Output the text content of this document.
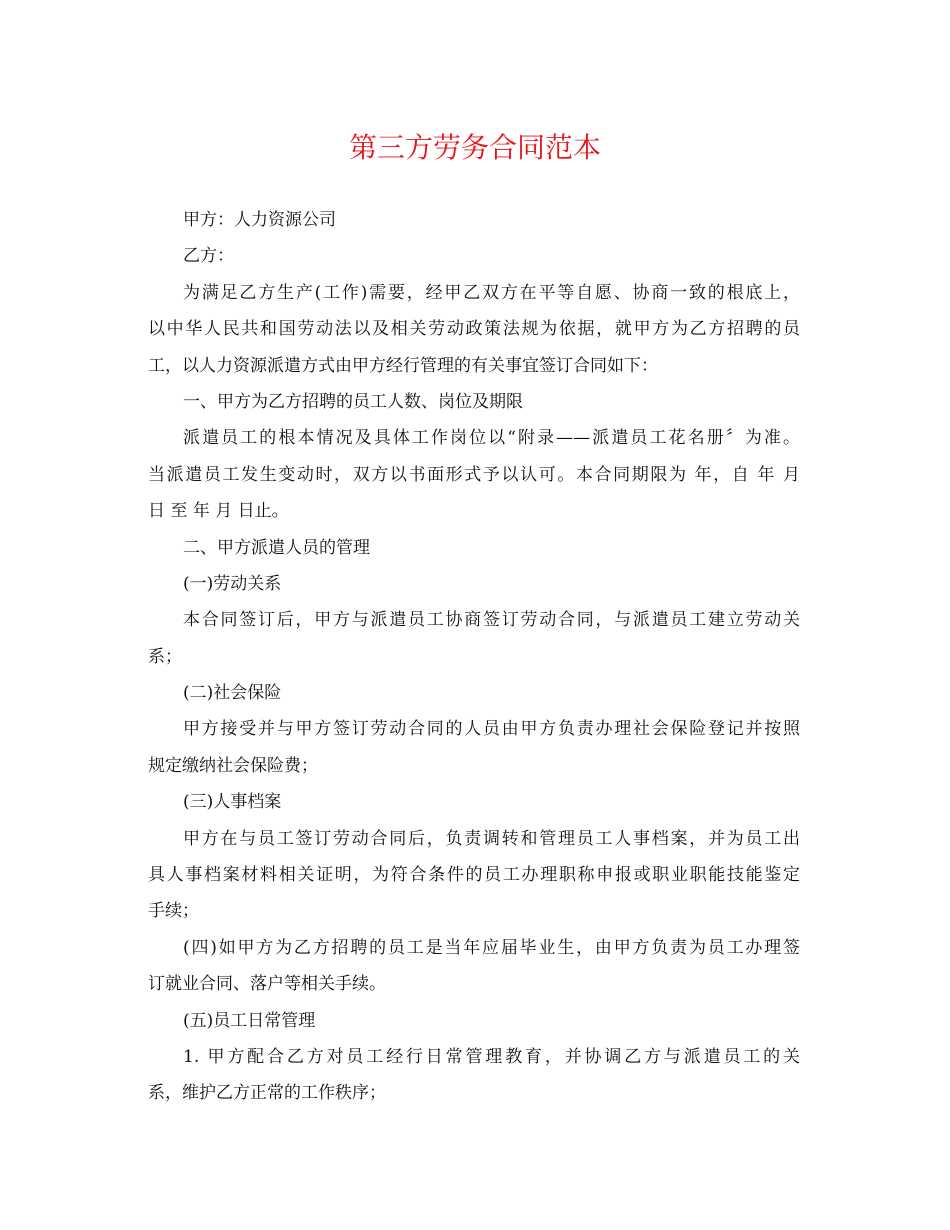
第三方劳务合同范本
甲方：人力资源公司
乙方：
为满足乙方生产(工作)需要，经甲乙双方在平等自愿、协商一致的根底上，
以中华人民共和国劳动法以及相关劳动政策法规为依据，就甲方为乙方招聘的员
工，以人力资源派遣方式由甲方经行管理的有关事宜签订合同如下：
一、甲方为乙方招聘的员工人数、岗位及期限
派遣员工的根本情况及具体工作岗位以“附录——派遣员工花名册〞为准。
当派遣员工发生变动时，双方以书面形式予以认可。本合同期限为 年，自 年 月
日 至 年 月 日止。
二、甲方派遣人员的管理
(一)劳动关系
本合同签订后，甲方与派遣员工协商签订劳动合同，与派遣员工建立劳动关
系；
(二)社会保险
甲方接受并与甲方签订劳动合同的人员由甲方负责办理社会保险登记并按照
规定缴纳社会保险费；
(三)人事档案
甲方在与员工签订劳动合同后，负责调转和管理员工人事档案，并为员工出
具人事档案材料相关证明，为符合条件的员工办理职称申报或职业职能技能鉴定
手续；
(四)如甲方为乙方招聘的员工是当年应届毕业生，由甲方负责为员工办理签
订就业合同、落户等相关手续。
(五)员工日常管理
1. 甲方配合乙方对员工经行日常管理教育，并协调乙方与派遣员工的关
系，维护乙方正常的工作秩序；
